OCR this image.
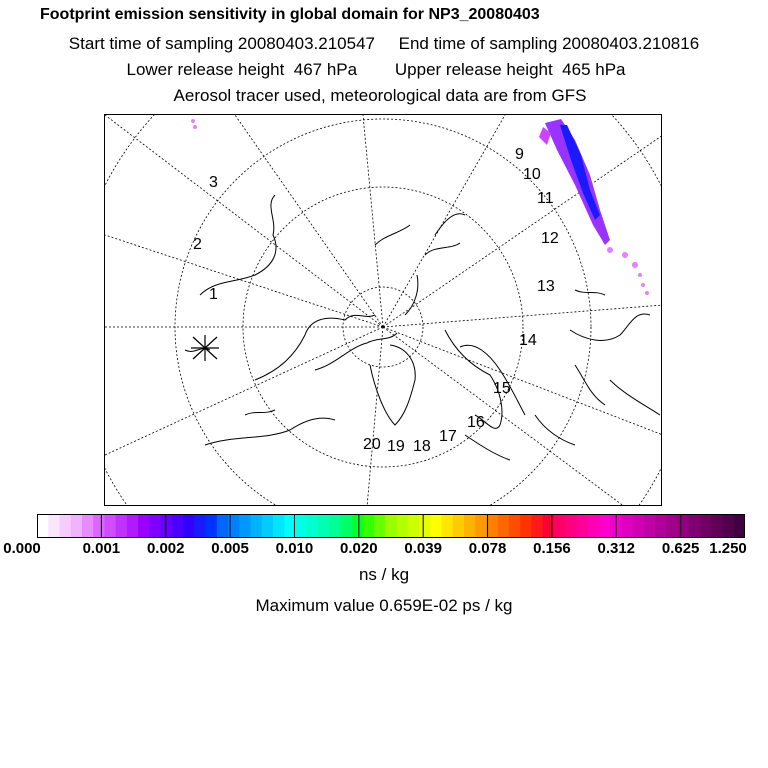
Footprint emission sensitivity in global domain for NP3_20080403
Start time of sampling 20080403.210547     End time of sampling 20080403.210816
Lower release height  467 hPa        Upper release height  465 hPa
Aerosol tracer used, meteorological data are from GFS
1
2
3
9
10
11
12
13
14
15
16
17
18
19
20
0.000	0.001 0.002 0.005 0.010 0.020 0.039 0.078 0.156 0.312 0.625 1.250
ns / kg
Maximum value 0.659E-02 ps / kg
